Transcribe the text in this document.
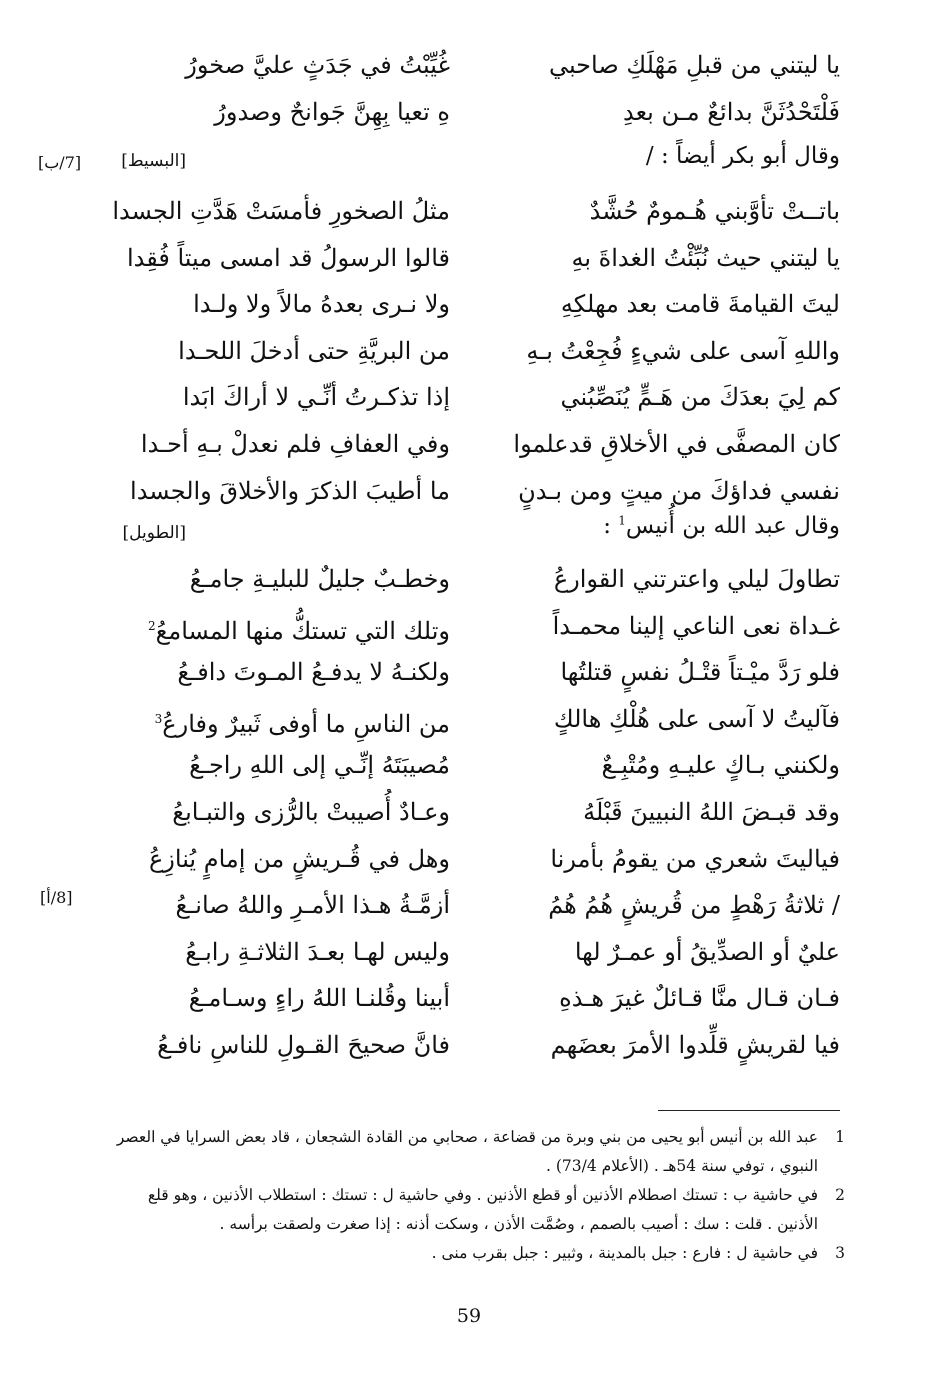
يا ليتني من قبلِ مَهْلَكِ صاحبي
غُيِّبْتُ في جَدَثٍ عليَّ صخورُ
فَلْتَحْدُثَنَّ بدائعٌ مـن بعدِ
هِ تعيا بِهِنَّ جَوانحٌ وصدورُ
وقال أبو بكر أيضاً : /
[البسيط]
[7/ب]
باتــتْ تأوَّبني هُـمومٌ حُشَّدٌ
مثلُ الصخورِ فأمسَتْ هَدَّتِ الجسدا
يا ليتني حيث نُبِّئْتُ الغداةَ بهِ
قالوا الرسولُ قد امسى ميتاً فُقِدا
ليتَ القيامةَ قامت بعد مهلكِهِ
ولا نـرى بعدهُ مالاً ولا ولـدا
واللهِ آسى على شيءٍ فُجِعْتُ بـهِ
من البريَّةِ حتى أدخلَ اللحـدا
كم لِيَ بعدَكَ من هَـمٍّ يُنَصِّبُني
إذا تذكـرتُ أنِّـي لا أراكَ ابَدا
كان المصفَّى في الأخلاقِ قدعلموا
وفي العفافِ فلم نعدلْ بـهِ أحـدا
نفسي فداؤكَ من ميتٍ ومن بـدنٍ
ما أطيبَ الذكرَ والأخلاقَ والجسدا
وقال عبد الله بن أُنيس$^1$ :
[الطويل]
[8/أ]
تطاولَ ليلي واعترتني القوارعُ
وخطـبٌ جليلٌ للبليـةِ جامـعُ
غـداة نعى الناعي إلينا محمـداً
وتلك التي تستكُّ منها المسامعُ$^2$
فلو رَدَّ ميْـتاً قتْـلُ نفسٍ قتلتُها
ولكنـهُ لا يدفـعُ المـوتَ دافـعُ
فآليتُ لا آسى على هُلْكِ هالكٍ
من الناسِ ما أوفى ثَبيرٌ وفارعُ$^3$
ولكنني بـاكٍ عليـهِ ومُتْبِـعٌ
مُصيبَتَهُ إنِّـي إلى اللهِ راجـعُ
وقد قبـضَ اللهُ النبيينَ قَبْلَهُ
وعـادٌ أُصيبتْ بالرُّزى والتبـابعُ
فياليتَ شعري من يقومُ بأمرنا
وهل في قُـريشٍ من إمامٍ يُنازِعُ
/ ثلاثةُ رَهْطٍ من قُريشٍ هُمُ هُمُ
أزمَّـةُ هـذا الأمـرِ واللهُ صانـعُ
عليٌ أو الصدِّيقُ أو عمـرٌ لها
وليس لهـا بعـدَ الثلاثـةِ رابـعُ
فـان قـال منَّا قـائلٌ غيرَ هـذهِ
أبينا وقُلنـا اللهُ راءٍ وسـامـعُ
فيا لقريشٍ قلِّدوا الأمرَ بعضَهم
فانَّ صحيحَ القـولِ للناسِ نافـعُ
1
عبد الله بن أنيس أبو يحيى من بني وبرة من قضاعة ، صحابي من القادة الشجعان ، قاد بعض السرايا في العصر النبوي ، توفي سنة 54هـ . (الأعلام 73/4) .
2
في حاشية ب : تستك اصطلام الأذنين أو قطع الأذنين . وفي حاشية ل : تستك : استطلاب الأذنين ، وهو قلع الأذنين . قلت : سك : أصيب بالصمم ، وصُمَّت الأذن ، وسكت أذنه : إذا صغرت ولصقت برأسه .
3
في حاشية ل : فارع : جبل بالمدينة ، وثبير : جبل بقرب منى .
59
